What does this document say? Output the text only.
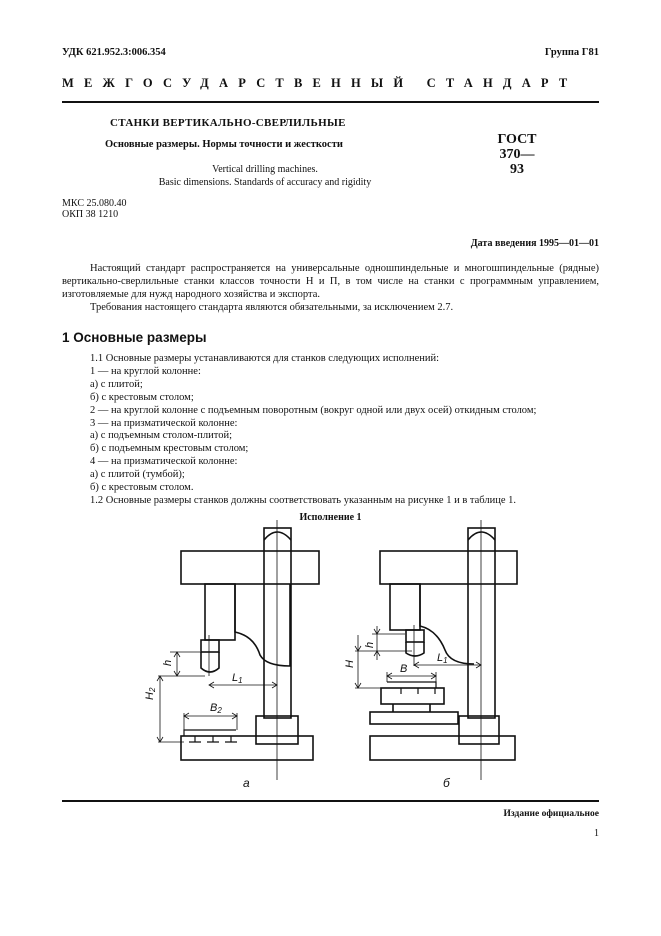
УДК 621.952.3:006.354	Группа Г81
МЕЖГОСУДАРСТВЕННЫЙ СТАНДАРТ
СТАНКИ ВЕРТИКАЛЬНО-СВЕРЛИЛЬНЫЕ
Основные размеры. Нормы точности и жесткости	ГОСТ
370—93
Vertical drilling machines.
Basic dimensions. Standards of accuracy and rigidity
МКС 25.080.40
ОКП 38 1210
Дата введения 1995—01—01
Настоящий стандарт распространяется на универсальные одношпиндельные и многошпиндельные (рядные) вертикально-сверлильные станки классов точности Н и П, в том числе на станки с программным управлением, изготовляемые для нужд народного хозяйства и экспорта.
Требования настоящего стандарта являются обязательными, за исключением 2.7.
1 Основные размеры
1.1 Основные размеры устанавливаются для станков следующих исполнений:
1 — на круглой колонне:
а) с плитой;
б) с крестовым столом;
2 — на круглой колонне с подъемным поворотным (вокруг одной или двух осей) откидным столом;
3 — на призматической колонне:
а) с подъемным столом-плитой;
б) с подъемным крестовым столом;
4 — на призматической колонне:
а) с плитой (тумбой);
б) с крестовым столом.
1.2 Основные размеры станков должны соответствовать указанным на рисунке 1 и в таблице 1.
Исполнение 1
h
H2
L1
B2
h
H
L1
B
а	б
Издание официальное
1
